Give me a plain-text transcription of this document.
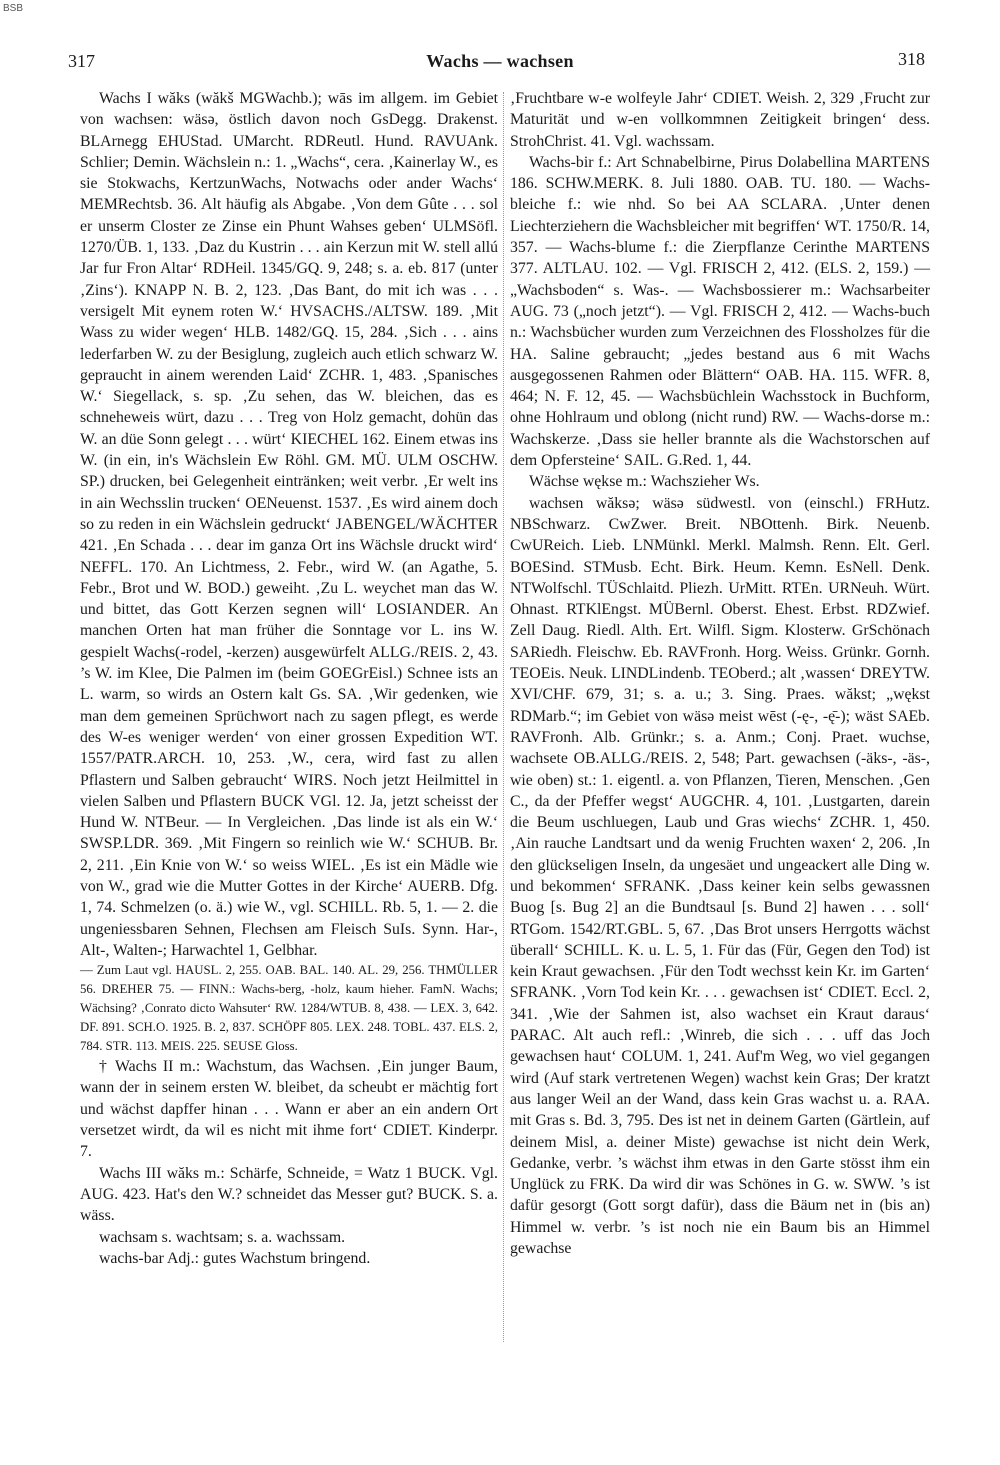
BSB
317	Wachs — wachsen	318

Wachs I wăks (wăkš MGWachb.); wās im allgem. im Gebiet von wachsen: wäsə, östlich davon noch GsDegg. Drakenst. BLArnegg EHUStad. UMarcht. RDReutl. Hund. RAVUAnk. Schlier; Demin. Wächslein n.: 1. „Wachs“, cera. ‚Kainerlay W., es sie Stokwachs, KertzunWachs, Notwachs oder ander Wachs‘ MEMRechtsb. 36. Alt häufig als Abgabe. ‚Von dem Gûte . . . sol er unserm Closter ze Zinse ein Phunt Wahses geben‘ ULMSöfl. 1270/ÜB. 1, 133. ‚Daz du Kustrin . . . ain Kerzun mit W. stell allú Jar fur Fron Altar‘ RDHeil. 1345/GQ. 9, 248; s. a. eb. 817 (unter ‚Zins‘). KNAPP N. B. 2, 123. ‚Das Bant, do mit ich was . . . versigelt Mit eynem roten W.‘ HVSACHS./ALTSW. 189. ‚Mit Wass zu wider wegen‘ HLB. 1482/GQ. 15, 284. ‚Sich . . . ains lederfarben W. zu der Besiglung, zugleich auch etlich schwarz W. gepraucht in ainem werenden Laid‘ ZCHR. 1, 483. ‚Spanisches W.‘ Siegellack, s. sp. ‚Zu sehen, das W. bleichen, das es schneheweis würt, dazu . . . Treg von Holz gemacht, dohün das W. an düe Sonn gelegt . . . würt‘ KIECHEL 162. Einem etwas ins W. (in ein, in's Wächslein Ew Röhl. GM. MÜ. ULM OSCHW. SP.) drucken, bei Gelegenheit eintränken; weit verbr. ‚Er welt ins in ain Wechsslin trucken‘ OENeuenst. 1537. ‚Es wird ainem doch so zu reden in ein Wächslein gedruckt‘ JABENGEL/WÄCHTER 421. ‚En Schada . . . dear im ganza Ort ins Wächsle druckt wird‘ NEFFL. 170. An Lichtmess, 2. Febr., wird W. (an Agathe, 5. Febr., Brot und W. BOD.) geweiht. ‚Zu L. weychet man das W. und bittet, das Gott Kerzen segnen will‘ LOSIANDER. An manchen Orten hat man früher die Sonntage vor L. ins W. gespielt Wachs(-rodel, -kerzen) ausgewürfelt ALLG./REIS. 2, 43. ’s W. im Klee, Die Palmen im (beim GOEGrEisl.) Schnee ists an L. warm, so wirds an Ostern kalt Gs. SA. ‚Wir gedenken, wie man dem gemeinen Sprüchwort nach zu sagen pflegt, es werde des W-es weniger werden‘ von einer grossen Expedition WT. 1557/PATR.ARCH. 10, 253. ‚W., cera, wird fast zu allen Pflastern und Salben gebraucht‘ WIRS. Noch jetzt Heilmittel in vielen Salben und Pflastern BUCK VGl. 12. Ja, jetzt scheisst der Hund W. NTBeur. — In Vergleichen. ‚Das linde ist als ein W.‘ SWSP.LDR. 369. ‚Mit Fingern so reinlich wie W.‘ SCHUB. Br. 2, 211. ‚Ein Knie von W.‘ so weiss WIEL. ‚Es ist ein Mädle wie von W., grad wie die Mutter Gottes in der Kirche‘ AUERB. Dfg. 1, 74. Schmelzen (o. ä.) wie W., vgl. SCHILL. Rb. 5, 1. — 2. die ungeniessbaren Sehnen, Flechsen am Fleisch SuIs. Synn. Har-, Alt-, Walten-; Harwachtel 1, Gelbhar.

— Zum Laut vgl. HAUSL. 2, 255. OAB. BAL. 140. AL. 29, 256. THMÜLLER 56. DREHER 75. — FINN.: Wachs-berg, -holz, kaum hieher. FamN. Wachs; Wächsing? ‚Conrato dicto Wahsuter‘ RW. 1284/WTUB. 8, 438. — LEX. 3, 642. DF. 891. SCH.O. 1925. B. 2, 837. SCHÖPF 805. LEX. 248. TOBL. 437. ELS. 2, 784. STR. 113. MEIS. 225. SEUSE Gloss.

† Wachs II m.: Wachstum, das Wachsen. ‚Ein junger Baum, wann der in seinem ersten W. bleibet, da scheubt er mächtig fort und wächst dapffer hinan . . . Wann er aber an ein andern Ort versetzet wirdt, da wil es nicht mit ihme fort‘ CDIET. Kinderpr. 7.

Wachs III wăks m.: Schärfe, Schneide, = Watz 1 BUCK. Vgl. AUG. 423. Hat's den W.? schneidet das Messer gut? BUCK. S. a. wäss.

wachsam s. wachtsam; s. a. wachssam.

wachs-bar Adj.: gutes Wachstum bringend.

‚Fruchtbare w-e wolfeyle Jahr‘ CDIET. Weish. 2, 329 ‚Frucht zur Maturität und w-en vollkommnen Zeitigkeit bringen‘ dess. StrohChrist. 41. Vgl. wachssam.

Wachs-bir f.: Art Schnabelbirne, Pirus Dolabellina MARTENS 186. SCHW.MERK. 8. Juli 1880. OAB. TU. 180. — Wachs-bleiche f.: wie nhd. So bei AA SCLARA. ‚Unter denen Liechterziehern die Wachsbleicher mit begriffen‘ WT. 1750/R. 14, 357. — Wachs-blume f.: die Zierpflanze Cerinthe MARTENS 377. ALTLAU. 102. — Vgl. FRISCH 2, 412. (ELS. 2, 159.) — „Wachsboden“ s. Was-. — Wachsbossierer m.: Wachsarbeiter AUG. 73 („noch jetzt“). — Vgl. FRISCH 2, 412. — Wachs-buch n.: Wachsbücher wurden zum Verzeichnen des Flossholzes für die HA. Saline gebraucht; „jedes bestand aus 6 mit Wachs ausgegossenen Rahmen oder Blättern“ OAB. HA. 115. WFR. 8, 464; N. F. 12, 45. — Wachsbüchlein Wachsstock in Buchform, ohne Hohlraum und oblong (nicht rund) RW. — Wachs-dorse m.: Wachskerze. ‚Dass sie heller brannte als die Wachstorschen auf dem Opfersteine‘ SAIL. G.Red. 1, 44.

Wächse wękse m.: Wachszieher Ws.

wachsen wăksə; wäsə südwestl. von (einschl.) FRHutz. NBSchwarz. CwZwer. Breit. NBOttenh. Birk. Neuenb. CwUReich. Lieb. LNMünkl. Merkl. Malmsh. Renn. Elt. Gerl. BOESind. STMusb. Echt. Birk. Heum. Kemn. EsNell. Denk. NTWolfschl. TÜSchlaitd. Pliezh. UrMitt. RTEn. URNeuh. Würt. Ohnast. RTKlEngst. MÜBernl. Oberst. Ehest. Erbst. RDZwief. Zell Daug. Riedl. Alth. Ert. Wilfl. Sigm. Klosterw. GrSchönach SARiedh. Fleischw. Eb. RAVFronh. Horg. Weiss. Grünkr. Gornh. TEOEis. Neuk. LINDLindenb. TEOberd.; alt ‚wassen‘ DREYTW. XVI/CHF. 679, 31; s. a. u.; 3. Sing. Praes. wăkst; „wękst RDMarb.“; im Gebiet von wäsə meist wēst (-ę-, -ę̄-); wäst SAEb. RAVFronh. Alb. Grünkr.; s. a. Anm.; Conj. Praet. wuchse, wachsete OB.ALLG./REIS. 2, 548; Part. gewachsen (-äks-, -äs-, wie oben) st.: 1. eigentl. a. von Pflanzen, Tieren, Menschen. ‚Gen C., da der Pfeffer wegst‘ AUGCHR. 4, 101. ‚Lustgarten, darein die Beum uschluegen, Laub und Gras wiechs‘ ZCHR. 1, 450. ‚Ain rauche Landtsart und da wenig Fruchten waxen‘ 2, 206. ‚In den glückseligen Inseln, da ungesäet und ungeackert alle Ding w. und bekommen‘ SFRANK. ‚Dass keiner kein selbs gewassnen Buog [s. Bug 2] an die Bundtsaul [s. Bund 2] hawen . . . soll‘ RTGom. 1542/RT.GBL. 5, 67. ‚Das Brot unsers Herrgotts wächst überall‘ SCHILL. K. u. L. 5, 1. Für das (Für, Gegen den Tod) ist kein Kraut gewachsen. ‚Für den Todt wechsst kein Kr. im Garten‘ SFRANK. ‚Vorn Tod kein Kr. . . . gewachsen ist‘ CDIET. Eccl. 2, 341. ‚Wie der Sahmen ist, also wachset ein Kraut daraus‘ PARAC. Alt auch refl.: ‚Winreb, die sich . . . uff das Joch gewachsen haut‘ COLUM. 1, 241. Auf'm Weg, wo viel gegangen wird (Auf stark vertretenen Wegen) wachst kein Gras; Der kratzt aus langer Weil an der Wand, dass kein Gras wachst u. a. RAA. mit Gras s. Bd. 3, 795. Des ist net in deinem Garten (Gärtlein, auf deinem Misl, a. deiner Miste) gewachse ist nicht dein Werk, Gedanke, verbr. ’s wächst ihm etwas in den Garte stösst ihm ein Unglück zu FRK. Da wird dir was Schönes in G. w. SWW. ’s ist dafür gesorgt (Gott sorgt dafür), dass die Bäum net in (bis an) Himmel w. verbr. ’s ist noch nie ein Baum bis an Himmel gewachse
